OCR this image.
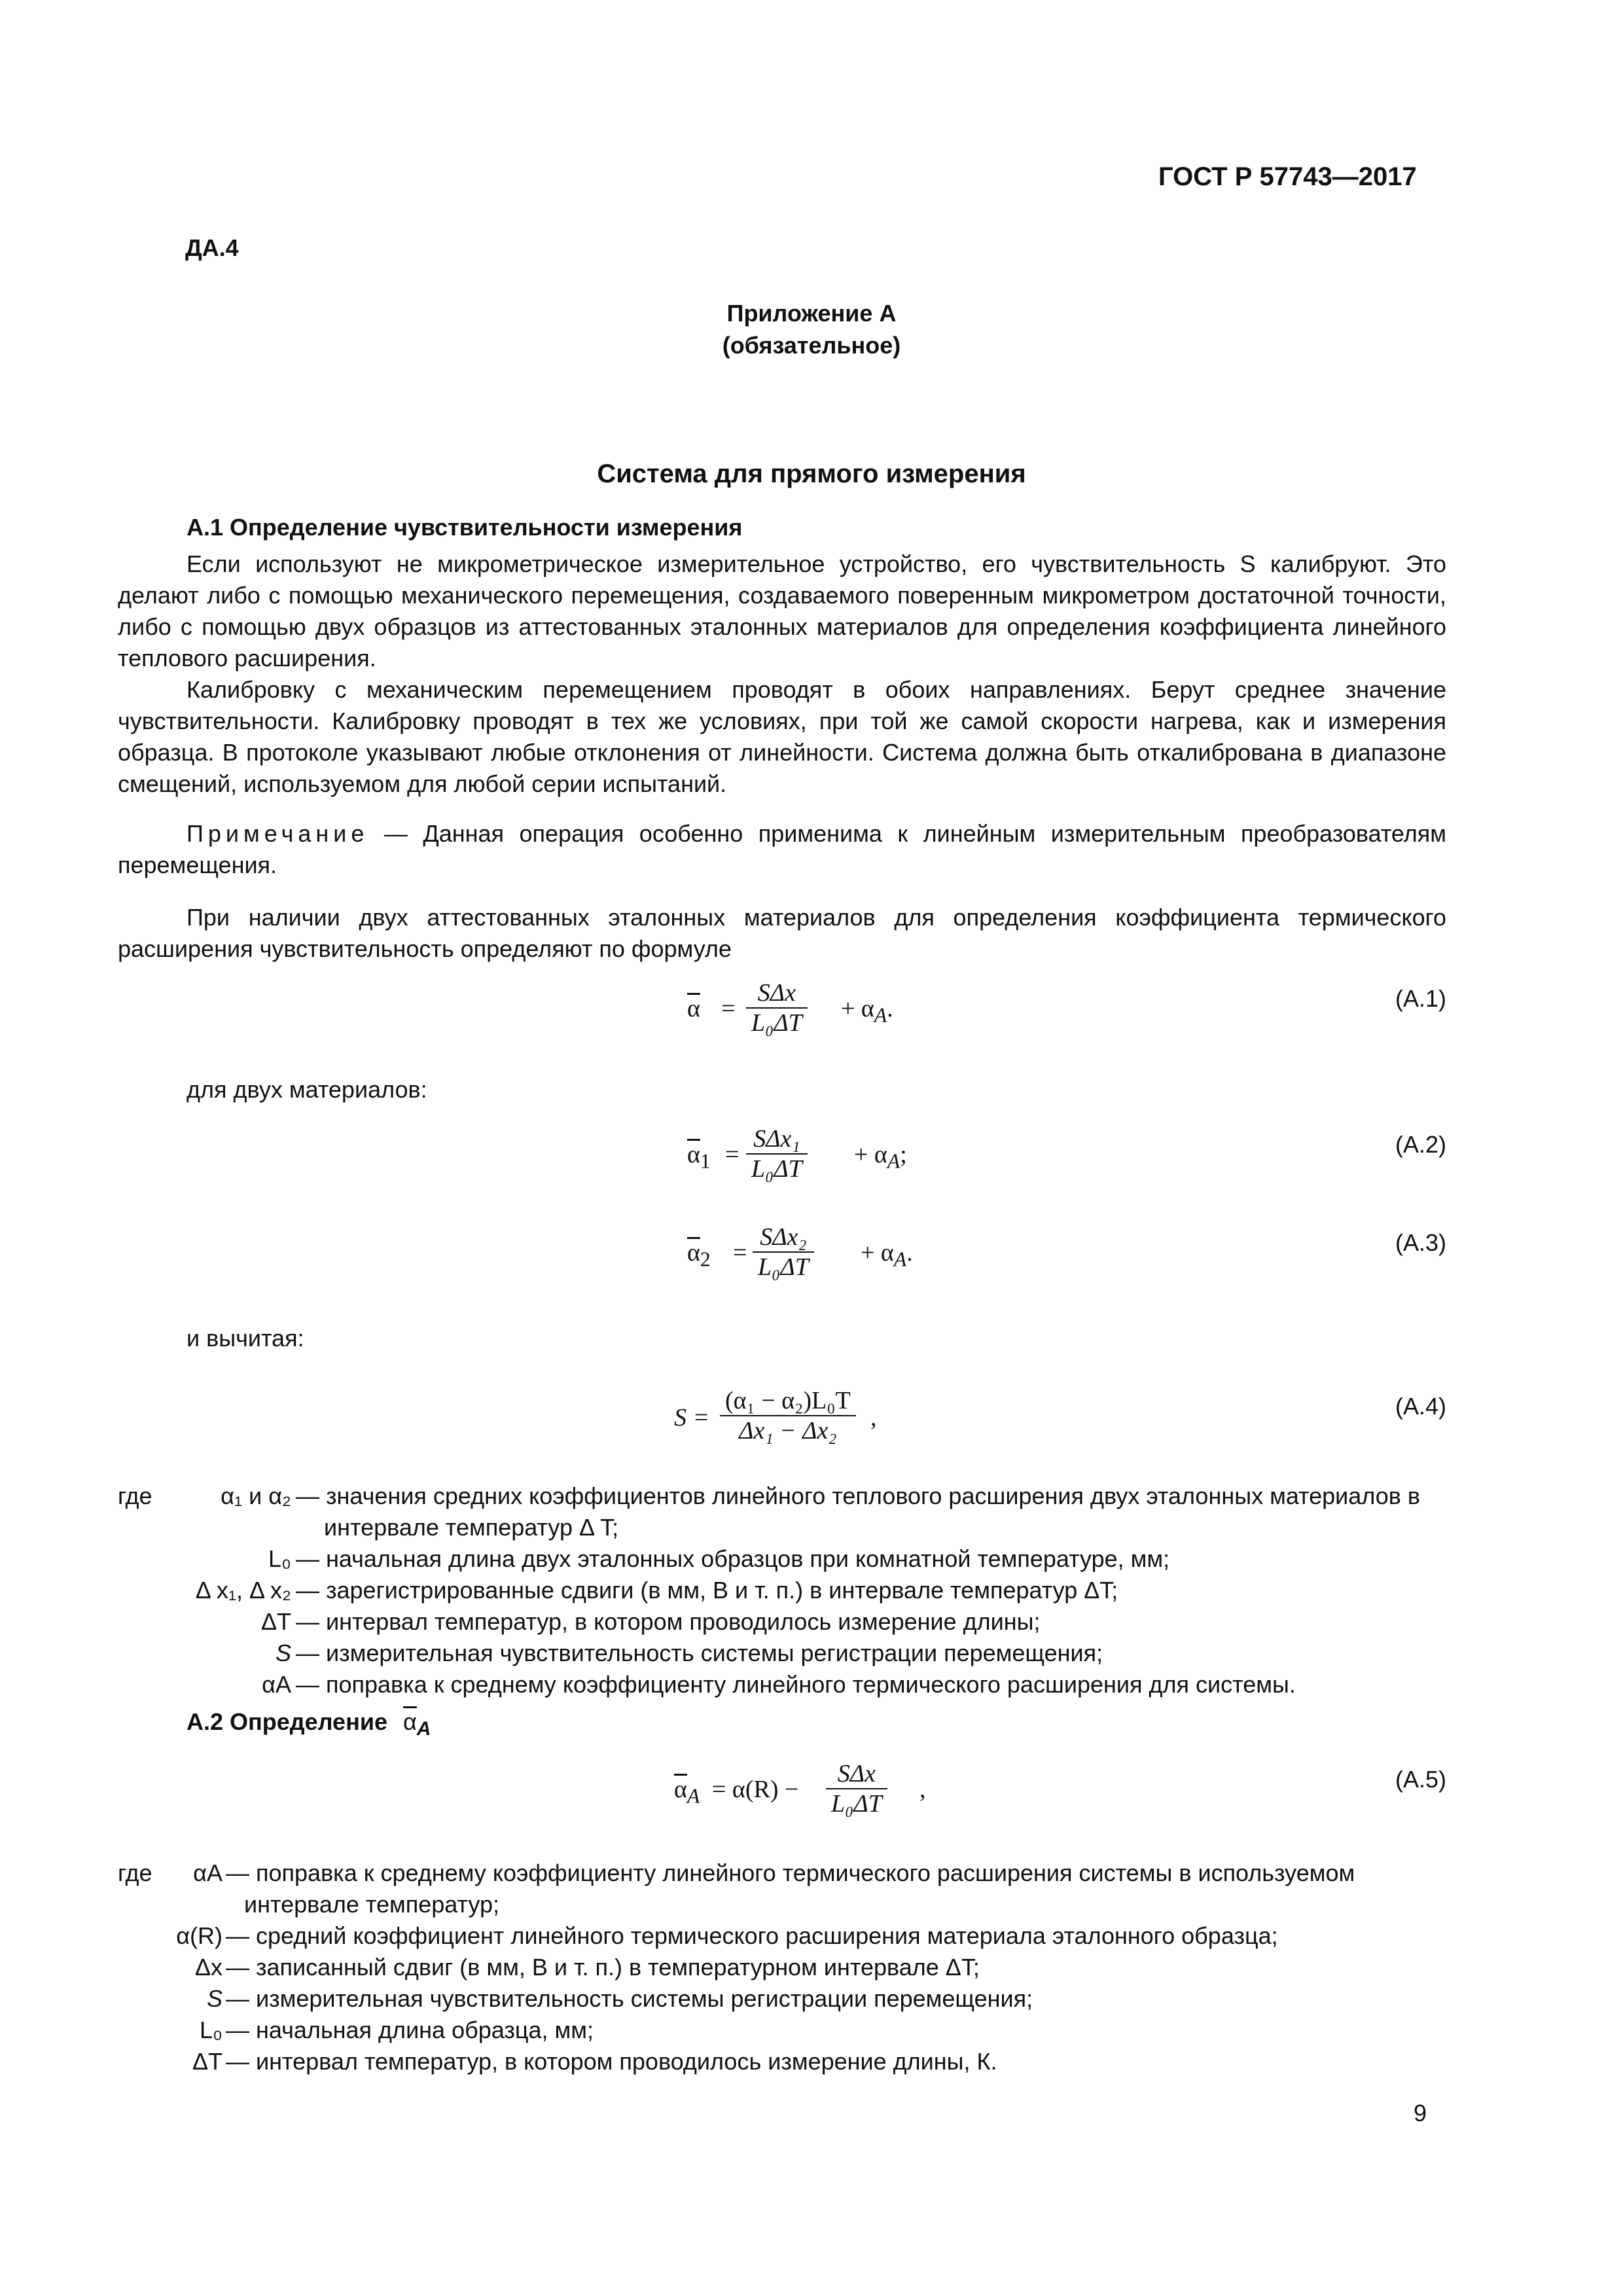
ГОСТ Р 57743—2017
ДА.4
Приложение А
(обязательное)
Система для прямого измерения
А.1 Определение чувствительности измерения
Если используют не микрометрическое измерительное устройство, его чувствительность S калибруют. Это делают либо с помощью механического перемещения, создаваемого поверенным микрометром достаточной точности, либо с помощью двух образцов из аттестованных эталонных материалов для определения коэффициента линейного теплового расширения.
Калибровку с механическим перемещением проводят в обоих направлениях. Берут среднее значение чувствительности. Калибровку проводят в тех же условиях, при той же самой скорости нагрева, как и измерения образца. В протоколе указывают любые отклонения от линейности. Система должна быть откалибрована в диапазоне смещений, используемом для любой серии испытаний.
Примечание — Данная операция особенно применима к линейным измерительным преобразователям перемещения.
При наличии двух аттестованных эталонных материалов для определения коэффициента термического расширения чувствительность определяют по формуле
$\overline{\alpha}$ =
SΔx
L₀ΔT
+ $\alpha_A$.	(А.1)
для двух материалов:
$\overline{\alpha}_1$ =
SΔx₁
L₀ΔT
+ $\alpha_A$;	(А.2)
$\overline{\alpha}_2$ =
SΔx₂
L₀ΔT
+ $\alpha_A$.	(А.3)
и вычитая:
S =
(α₁ − α₂)L₀T
Δx₁ − Δx₂	,	(А.4)
где	α₁ и α₂ — значения средних коэффициентов линейного теплового расширения двух эталонных материалов в
интервале температур Δ T;
L₀ — начальная длина двух эталонных образцов при комнатной температуре, мм;
Δ x₁, Δ x₂ — зарегистрированные сдвиги (в мм, В и т. п.) в интервале температур ΔT;
ΔT — интервал температур, в котором проводилось измерение длины;
S — измерительная чувствительность системы регистрации перемещения;
αA — поправка к среднему коэффициенту линейного термического расширения для системы.
А.2 Определение $\overline{\alpha}_A$
$\overline{\alpha}_A = \alpha(R)$ −
SΔx
L₀ΔT
,	(А.5)
где	αA — поправка к среднему коэффициенту линейного термического расширения системы в используемом
интервале температур;
α(R) — средний коэффициент линейного термического расширения материала эталонного образца;
Δx — записанный сдвиг (в мм, В и т. п.) в температурном интервале ΔT;
S — измерительная чувствительность системы регистрации перемещения;
L₀ — начальная длина образца, мм;
ΔT — интервал температур, в котором проводилось измерение длины, К.
9
